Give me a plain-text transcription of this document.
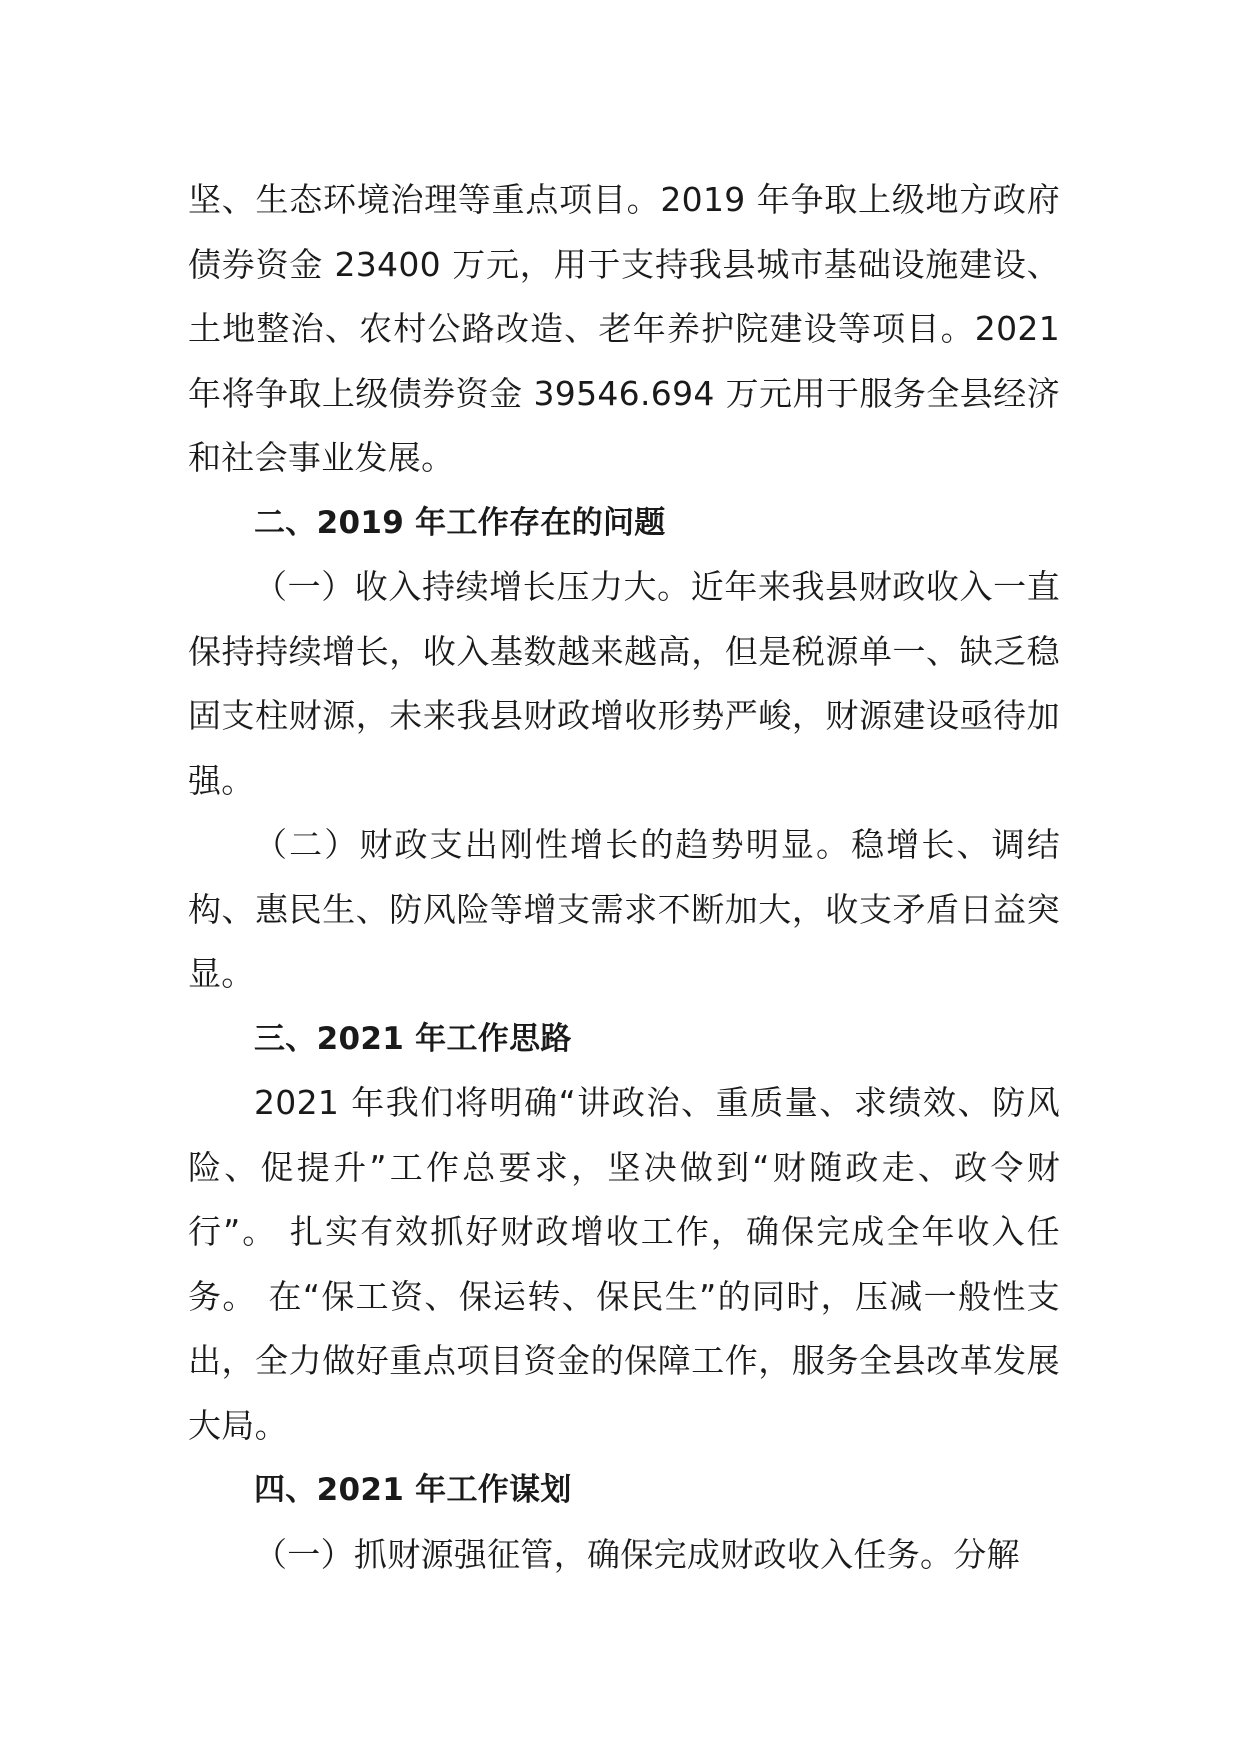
坚、生态环境治理等重点项目。2019 年争取上级地方政府债券资金 23400 万元，用于支持我县城市基础设施建设、土地整治、农村公路改造、老年养护院建设等项目。2021 年将争取上级债券资金 39546.694 万元用于服务全县经济和社会事业发展。

二、2019 年工作存在的问题

（一）收入持续增长压力大。近年来我县财政收入一直保持持续增长，收入基数越来越高，但是税源单一、缺乏稳固支柱财源，未来我县财政增收形势严峻，财源建设亟待加强。

（二）财政支出刚性增长的趋势明显。稳增长、调结构、惠民生、防风险等增支需求不断加大，收支矛盾日益突显。

三、2021 年工作思路

2021 年我们将明确“讲政治、重质量、求绩效、防风险、促提升”工作总要求，坚决做到“财随政走、政令财行”。 扎实有效抓好财政增收工作，确保完成全年收入任务。 在“保工资、保运转、保民生”的同时，压减一般性支出，全力做好重点项目资金的保障工作，服务全县改革发展大局。

四、2021 年工作谋划

（一）抓财源强征管，确保完成财政收入任务。分解
